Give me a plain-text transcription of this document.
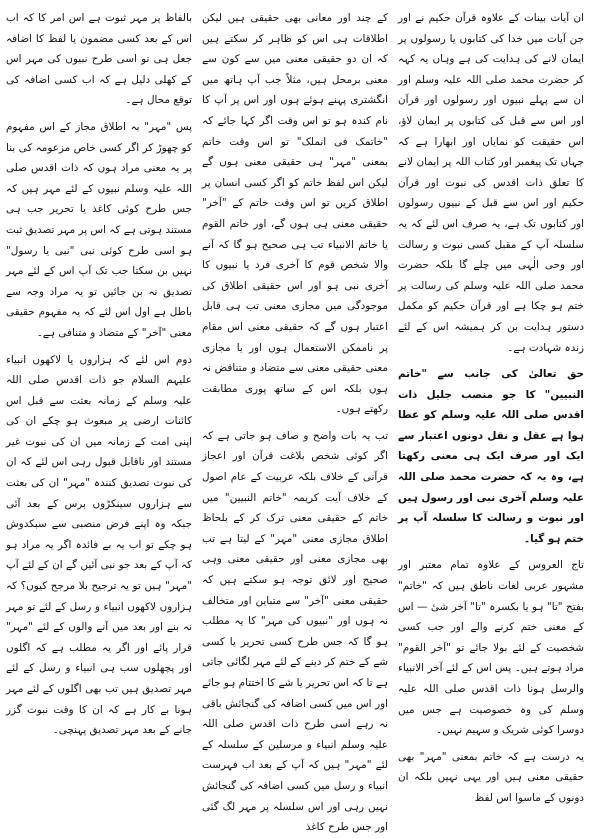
ان آیات بینات کے علاوہ قرآن حکیم نے اور جن آیات میں خدا کی کتابوں یا رسولوں پر ایمان لانے کی ہدایت کی ہے وہاں یہ کہہ کر حضرت محمد صلی اللہ علیہ وسلم اور ان سے پہلے نبیوں اور رسولوں اور قرآن اور اس سے قبل کی کتابوں پر ایمان لاؤ، اس حقیقت کو نمایاں اور ابھارا ہے کہ جہاں تک پیغمبر اور کتاب اللہ پر ایمان لانے کا تعلق ذات اقدس کی نبوت اور قرآن حکیم اور اس سے قبل کے نبیوں رسولوں اور کتابوں تک ہے، یہ صرف اس لئے کہ یہ سلسلہ آپ کے مقبل کسی نبوت و رسالت اور وحی الٰہی میں چلے گا بلکہ حضرت محمد صلی اللہ علیہ وسلم کی رسالت پر ختم ہو چکا ہے اور قرآن حکیم کو مکمل دستور ہدایت بن کر ہمیشہ اس کے لئے زندہ شہادت ہے۔

حق تعالیٰ کی جانب سے "خاتم النبیین" کا جو منصب جلیل ذات اقدس صلی اللہ علیہ وسلم کو عطا ہوا ہے عقل و نقل دونوں اعتبار سے ایک اور صرف ایک ہی معنی رکھتا ہے، وہ یہ کہ حضرت محمد صلی اللہ علیہ وسلم آخری نبی اور رسول ہیں اور نبوت و رسالت کا سلسلہ آپ پر ختم ہو گیا۔

تاج العروس کے علاوہ تمام معتبر اور مشہور عربی لغات ناطق ہیں کہ "خاتم" بفتح "تا" ہو یا بکسرہ "تا" آخر شیٔ — اس کے معنی ختم کرنے والے اور جب کسی شخصیت کے لئے بولا جائے تو "آخر القوم" مراد ہوتے ہیں۔ پس اس کے لئے آخر الانبیاء والرسل ہونا ذات اقدس صلی اللہ علیہ وسلم کی وہ خصوصیت ہے جس میں دوسرا کوئی شریک و سہیم نہیں۔

یہ درست ہے کہ خاتم بمعنی "مہر" بھی حقیقی معنی ہیں اور یہی نہیں بلکہ ان دونوں کے ماسوا اس لفظ

کے چند اور معانی بھی حقیقی ہیں لیکن اطلاقات ہی اس کو ظاہر کر سکتے ہیں کہ ان دو حقیقی معنی میں سے کون سے معنی برمحل ہیں، مثلاً جب آپ ہاتھ میں انگشتری پہنے ہوئے ہوں اور اس پر آپ کا نام کندہ ہو تو اس وقت اگر کہا جائے کہ "خاتمک فی انملک" تو اس وقت خاتم بمعنی "مہر" ہی حقیقی معنی ہوں گے لیکن اس لفظ خاتم کو اگر کسی انسان پر اطلاق کریں تو اس وقت خاتم کے "آخر" حقیقی معنی ہی ہوں گے، اور خاتم القوم یا خاتم الانبیاء تب ہی صحیح ہو گا کہ آنے والا شخص قوم کا آخری فرد یا نبیوں کا آخری نبی ہو اور اس حقیقی اطلاق کی موجودگی میں مجازی معنی تب ہی قابل اعتبار ہوں گے کہ حقیقی معنی اس مقام پر ناممکن الاستعمال ہوں اور یا مجازی معنی حقیقی معنی سے متضاد و متناقض نہ ہوں بلکہ اس کے ساتھ پوری مطابقت رکھتے ہوں۔

تب یہ بات واضح و صاف ہو جاتی ہے کہ اگر کوئی شخص بلاغت قرآن اور اعجاز قرآنی کے خلاف بلکہ عربیت کے عام اصول کے خلاف آیت کریمہ "خاتم النبیین" میں خاتم کے حقیقی معنی ترک کر کے بلحاظ اطلاق مجازی معنی "مہر" کے لیتا ہے تب بھی مجازی معنی اور حقیقی معنی وہی صحیح اور لائق توجہ ہو سکتے ہیں کہ حقیقی معنی "آخر" سے متباین اور متخالف نہ ہوں اور "نبیوں کی مہر" کا یہ مطلب ہو گا کہ جس طرح کسی تحریر یا کسی شے کے ختم کر دینے کے لئے مہر لگائی جاتی ہے تا کہ اس تحریر یا شے کا اختتام ہو جائے اور اس میں کسی اضافہ کی گنجائش باقی نہ رہے اسی طرح ذات اقدس صلی اللہ علیہ وسلم انبیاء و مرسلین کے سلسلہ کے لئے "مہر" ہیں کہ آپ کے بعد اب فہرست انبیاء و رسل میں کسی اضافہ کی گنجائش نہیں رہی اور اس سلسلہ پر مہر لگ گئی اور جس طرح کاغذ

بالفاظ پر مہر ثبوت ہے اس امر کا کہ اب اس کے بعد کسی مضمون یا لفظ کا اضافہ جعل ہی تو اسی طرح نبیوں کی مہر اس کے کھلی دلیل ہے کہ اب کسی اضافہ کی توقع محال ہے۔

پس "مہر" بہ اطلاق مجاز کے اس مفہوم کو چھوڑ کر اگر کسی خاص مزعومہ کی بنا پر یہ معنی مراد ہوں کہ ذات اقدس صلی اللہ علیہ وسلم نبیوں کے لئے مہر ہیں کہ جس طرح کوئی کاغذ یا تحریر جب ہی مستند ہوتی ہے کہ اس پر مہر تصدیق ثبت ہو اسی طرح کوئی نبی "نبی یا رسول" نہیں بن سکتا جب تک آپ اس کے لئے مہر تصدیق نہ بن جائیں تو یہ مراد وجہ سے باطل ہے اول اس لئے کہ یہ مفہوم حقیقی معنی "آخر" کے متضاد و متنافی ہے۔

دوم اس لئے کہ ہزاروں یا لاکھوں انبیاء علیہم السلام جو ذات اقدس صلی اللہ علیہ وسلم کے زمانہ بعثت سے قبل اس کائنات ارضی پر مبعوث ہو چکے ان کی اپنی امت کے زمانہ میں ان کی نبوت غیر مستند اور ناقابل قبول رہی اس لئے کہ ان کی نبوت تصدیق کنندہ "مہر" ان کی بعثت سے ہزاروں سینکڑوں برس کے بعد آئی جبکہ وہ اپنے فرض منصبی سے سبکدوش ہو چکے تو اب یہ بے فائدہ اگر یہ مراد ہو کہ آپ کے بعد جو نبی آئیں گے ان کے لئے آپ "مہر" ہیں تو یہ ترجیح بلا مرجح کیوں؟ کہ ہزاروں لاکھوں انبیاء و رسل کے لئے تو مہر نہ بنے اور بعد میں آنے والوں کے لئے "مہر" قرار پائے اور اگر یہ مطلب ہے کہ اگلوں اور پچھلوں سب ہی انبیاء و رسل کے لئے مہر تصدیق ہیں تب بھی اگلوں کے لئے مہر ہونا بے کار ہے کہ ان کا وقت نبوت گزر جانے کے بعد مہر تصدیق پہنچی۔
